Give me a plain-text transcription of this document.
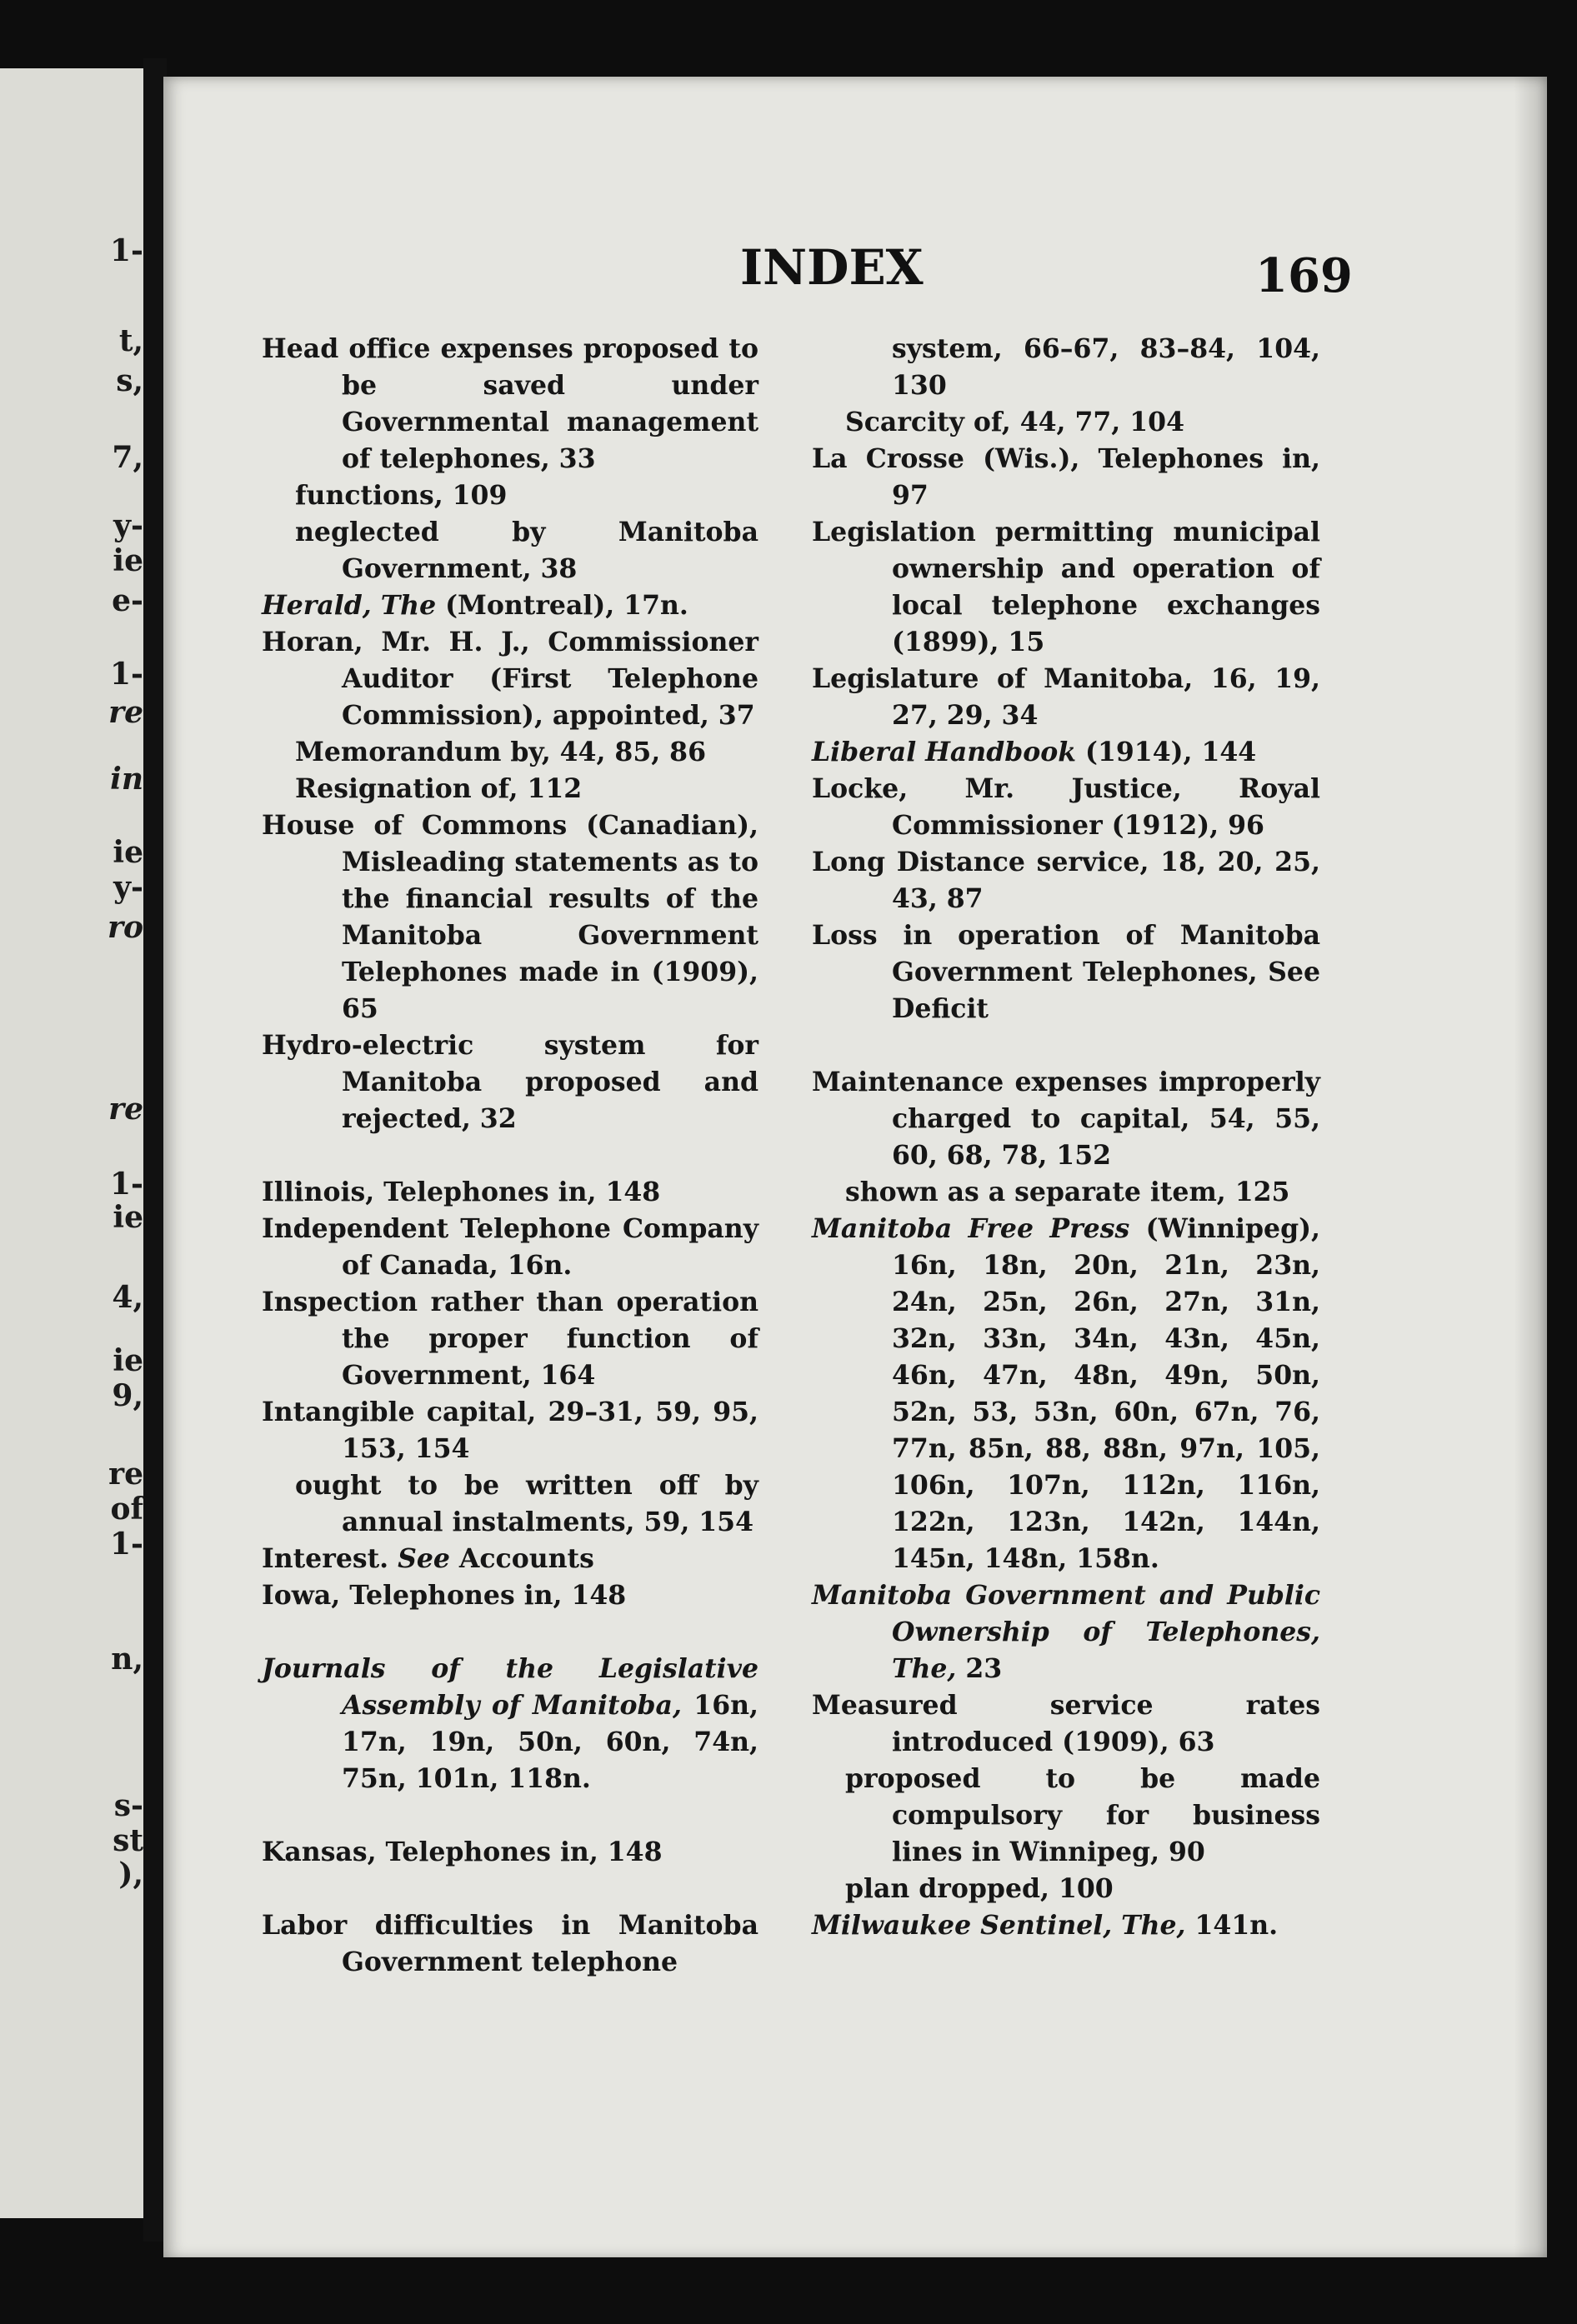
1-
t,
s,
7,
y-
ie
e-
1-
re
in
ie
y-
ro
re
1-
ie
4,
ie
9,
re
of
1-
n,
s-
st
),
INDEX	169

Head office expenses proposed to be saved under Governmental management of telephones, 33

functions, 109

neglected by Manitoba Government, 38

Herald, The (Montreal), 17n.

Horan, Mr. H. J., Commissioner Auditor (First Telephone Commission), appointed, 37

Memorandum by, 44, 85, 86

Resignation of, 112

House of Commons (Canadian), Misleading statements as to the financial results of the Manitoba Government Telephones made in (1909), 65

Hydro-electric system for Manitoba proposed and rejected, 32

Illinois, Telephones in, 148

Independent Telephone Company of Canada, 16n.

Inspection rather than operation the proper function of Government, 164

Intangible capital, 29–31, 59, 95, 153, 154

ought to be written off by annual instalments, 59, 154

Interest. See Accounts

Iowa, Telephones in, 148

Journals of the Legislative Assembly of Manitoba, 16n, 17n, 19n, 50n, 60n, 74n, 75n, 101n, 118n.

Kansas, Telephones in, 148

Labor difficulties in Manitoba Government telephone

system, 66–67, 83–84, 104, 130

Scarcity of, 44, 77, 104

La Crosse (Wis.), Telephones in, 97

Legislation permitting municipal ownership and operation of local telephone exchanges (1899), 15

Legislature of Manitoba, 16, 19, 27, 29, 34

Liberal Handbook (1914), 144

Locke, Mr. Justice, Royal Commissioner (1912), 96

Long Distance service, 18, 20, 25, 43, 87

Loss in operation of Manitoba Government Telephones, See Deficit

Maintenance expenses improperly charged to capital, 54, 55, 60, 68, 78, 152

shown as a separate item, 125

Manitoba Free Press (Winnipeg), 16n, 18n, 20n, 21n, 23n, 24n, 25n, 26n, 27n, 31n, 32n, 33n, 34n, 43n, 45n, 46n, 47n, 48n, 49n, 50n, 52n, 53, 53n, 60n, 67n, 76, 77n, 85n, 88, 88n, 97n, 105, 106n, 107n, 112n, 116n, 122n, 123n, 142n, 144n, 145n, 148n, 158n.

Manitoba Government and Public Ownership of Telephones, The, 23

Measured service rates introduced (1909), 63

proposed to be made compulsory for business lines in Winnipeg, 90

plan dropped, 100

Milwaukee Sentinel, The, 141n.
